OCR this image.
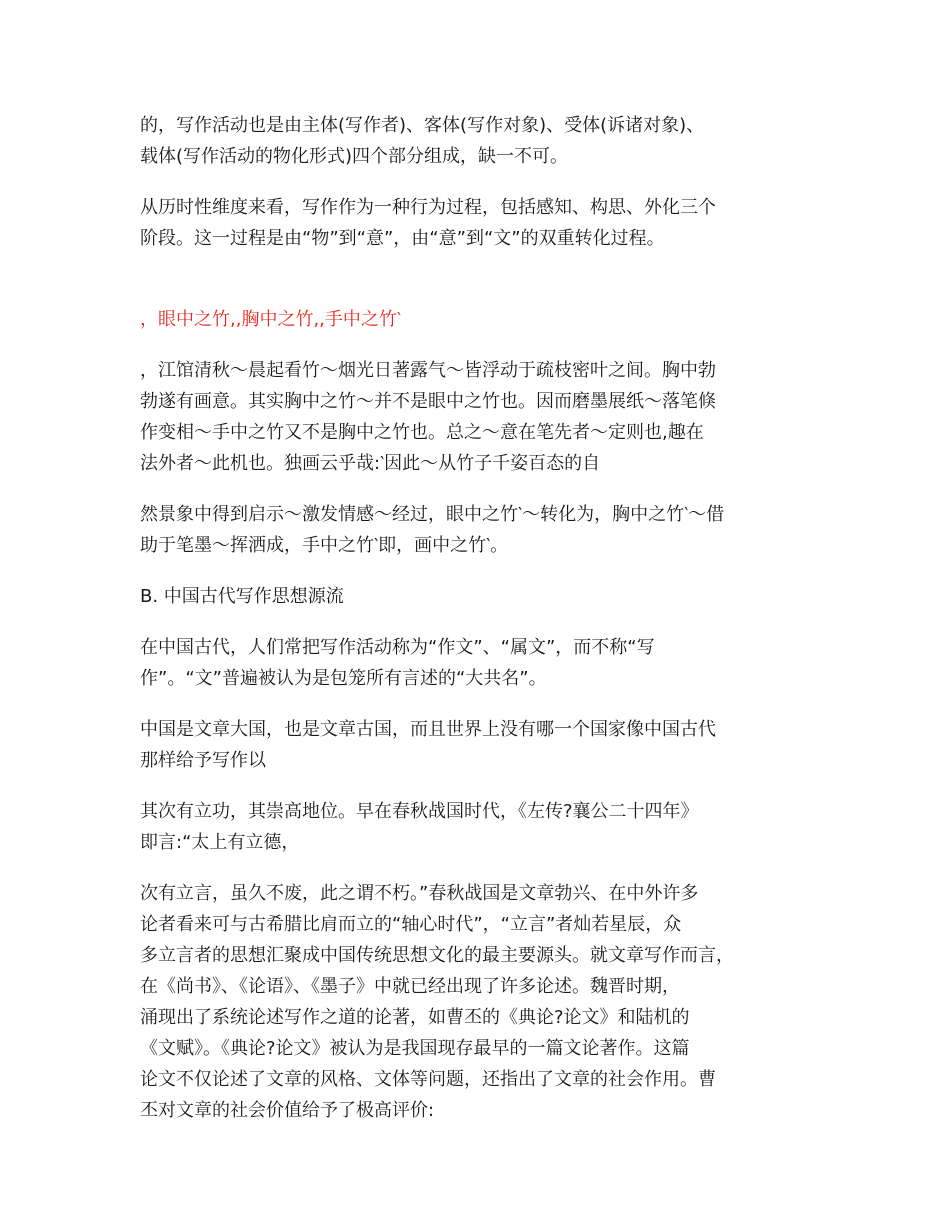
的，写作活动也是由主体(写作者)、客体(写作对象)、受体(诉诸对象)、
载体(写作活动的物化形式)四个部分组成，缺一不可。

从历时性维度来看，写作作为一种行为过程，包括感知、构思、外化三个
阶段。这一过程是由“物”到“意”，由“意”到“文”的双重转化过程。

，眼中之竹,,胸中之竹,,手中之竹‵

，江馆清秋～晨起看竹～烟光日著露气～皆浮动于疏枝密叶之间。胸中勃
勃遂有画意。其实胸中之竹～并不是眼中之竹也。因而磨墨展纸～落笔倏
作变相～手中之竹又不是胸中之竹也。总之～意在笔先者～定则也,趣在
法外者～此机也。独画云乎哉:‵因此～从竹子千姿百态的自

然景象中得到启示～激发情感～经过，眼中之竹‵～转化为，胸中之竹‵～借
助于笔墨～挥洒成，手中之竹‵即，画中之竹‵。

B. 中国古代写作思想源流

在中国古代，人们常把写作活动称为“作文”、“属文”，而不称“写
作”。“文”普遍被认为是包笼所有言述的“大共名”。

中国是文章大国，也是文章古国，而且世界上没有哪一个国家像中国古代
那样给予写作以

其次有立功，其崇高地位。早在春秋战国时代，《左传?襄公二十四年》
即言:“太上有立德，

次有立言，虽久不废，此之谓不朽。”春秋战国是文章勃兴、在中外许多
论者看来可与古希腊比肩而立的“轴心时代”，“立言”者灿若星辰，众
多立言者的思想汇聚成中国传统思想文化的最主要源头。就文章写作而言，
在《尚书》、《论语》、《墨子》中就已经出现了许多论述。魏晋时期，
涌现出了系统论述写作之道的论著，如曹丕的《典论?论文》和陆机的
《文赋》。《典论?论文》被认为是我国现存最早的一篇文论著作。这篇
论文不仅论述了文章的风格、文体等问题，还指出了文章的社会作用。曹
丕对文章的社会价值给予了极高评价:
